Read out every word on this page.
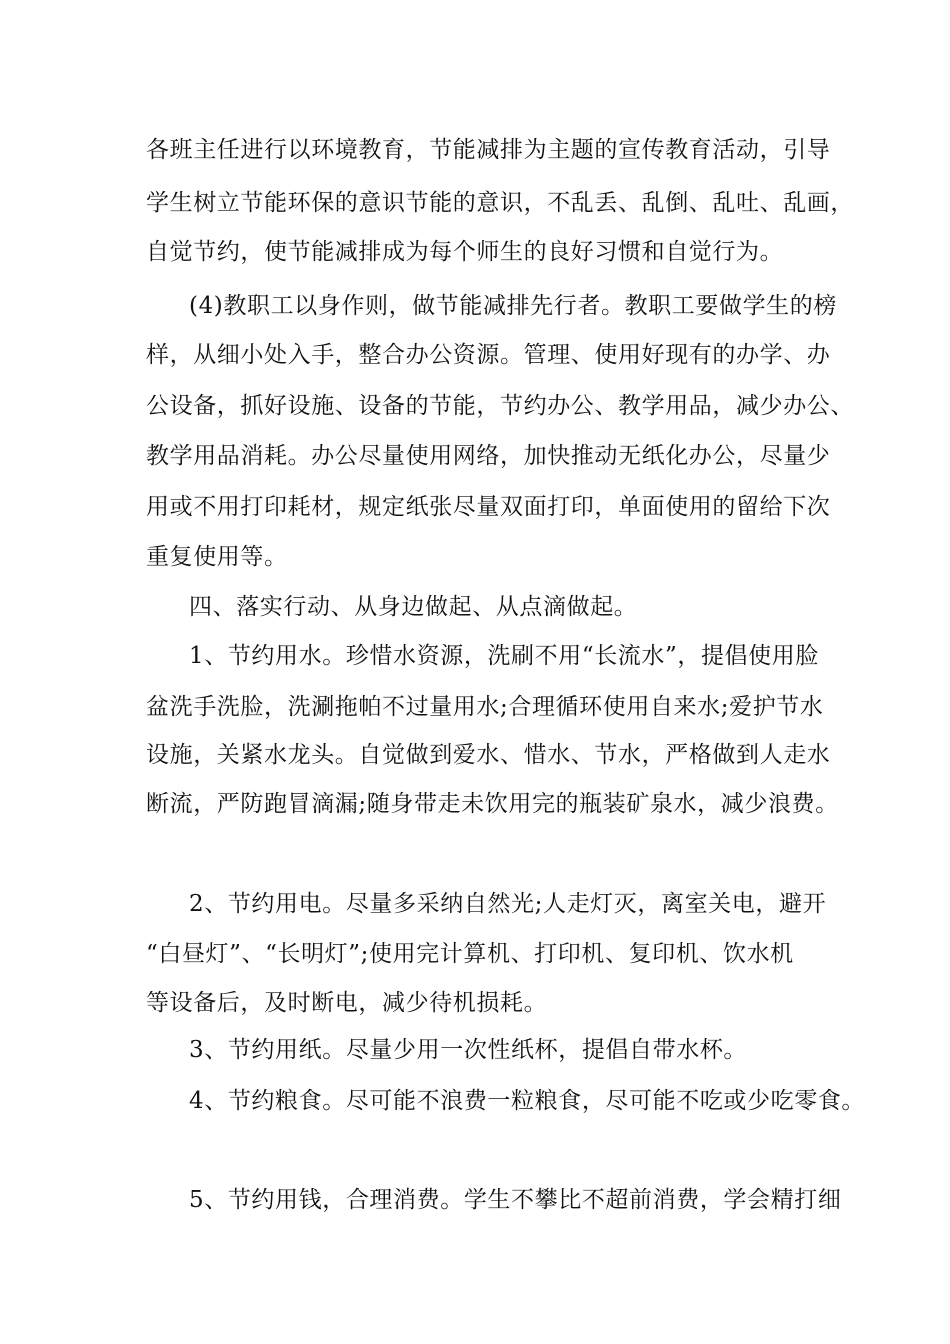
各班主任进行以环境教育，节能减排为主题的宣传教育活动，引导
学生树立节能环保的意识节能的意识，不乱丢、乱倒、乱吐、乱画，
自觉节约，使节能减排成为每个师生的良好习惯和自觉行为。
(4)教职工以身作则，做节能减排先行者。教职工要做学生的榜
样，从细小处入手，整合办公资源。管理、使用好现有的办学、办
公设备，抓好设施、设备的节能，节约办公、教学用品，减少办公、
教学用品消耗。办公尽量使用网络，加快推动无纸化办公，尽量少
用或不用打印耗材，规定纸张尽量双面打印，单面使用的留给下次
重复使用等。
四、落实行动、从身边做起、从点滴做起。
1、节约用水。珍惜水资源，洗刷不用“长流水”，提倡使用脸
盆洗手洗脸，洗涮拖帕不过量用水;合理循环使用自来水;爱护节水
设施，关紧水龙头。自觉做到爱水、惜水、节水，严格做到人走水
断流，严防跑冒滴漏;随身带走未饮用完的瓶装矿泉水，减少浪费。
2、节约用电。尽量多采纳自然光;人走灯灭，离室关电，避开
“白昼灯”、“长明灯”;使用完计算机、打印机、复印机、饮水机
等设备后，及时断电，减少待机损耗。
3、节约用纸。尽量少用一次性纸杯，提倡自带水杯。
4、节约粮食。尽可能不浪费一粒粮食，尽可能不吃或少吃零食。
5、节约用钱，合理消费。学生不攀比不超前消费，学会精打细
